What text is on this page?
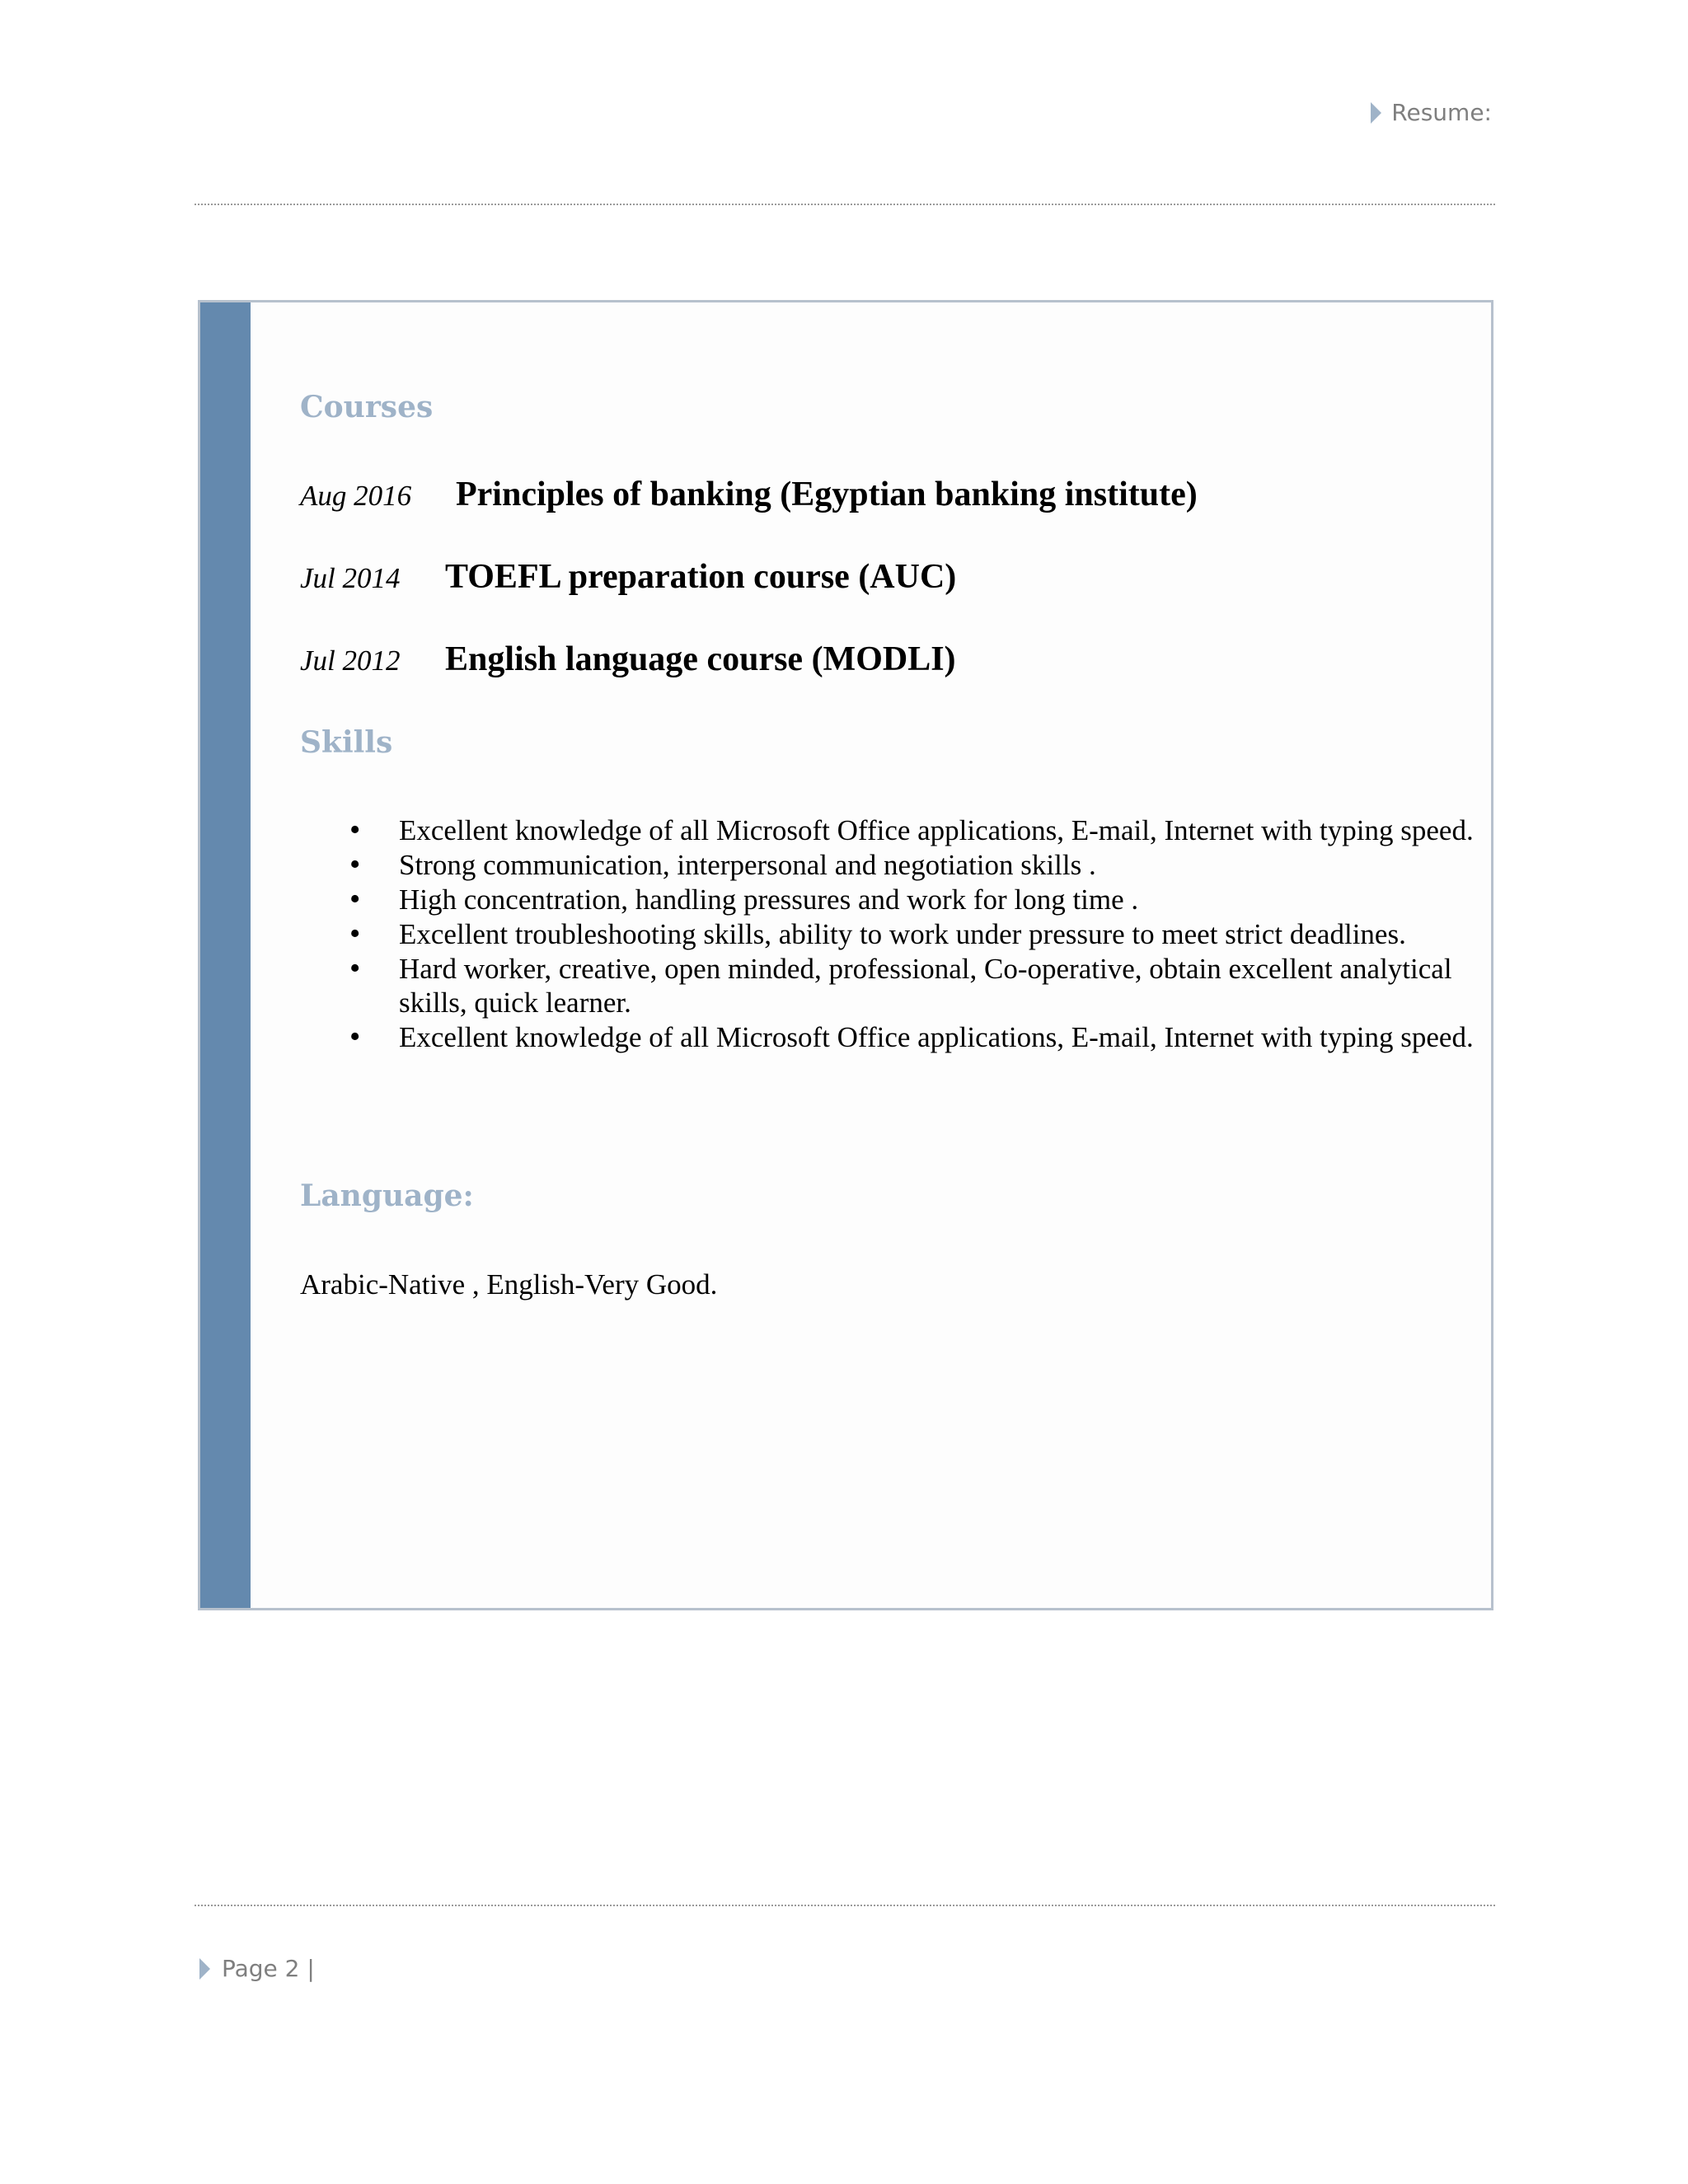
Resume:
Courses
Aug 2016	Principles of banking (Egyptian banking institute)
Jul 2014	TOEFL preparation course (AUC)
Jul 2012	English language course (MODLI)
Skills
• Excellent knowledge of all Microsoft Office applications, E-mail, Internet with typing speed.
• Strong communication, interpersonal and negotiation skills .
• High concentration, handling pressures and work for long time .
• Excellent troubleshooting skills, ability to work under pressure to meet strict deadlines.
• Hard worker, creative, open minded, professional, Co-operative, obtain excellent analytical skills, quick learner.
• Excellent knowledge of all Microsoft Office applications, E-mail, Internet with typing speed.
Language:
Arabic-Native , English-Very Good.
Page 2 |
